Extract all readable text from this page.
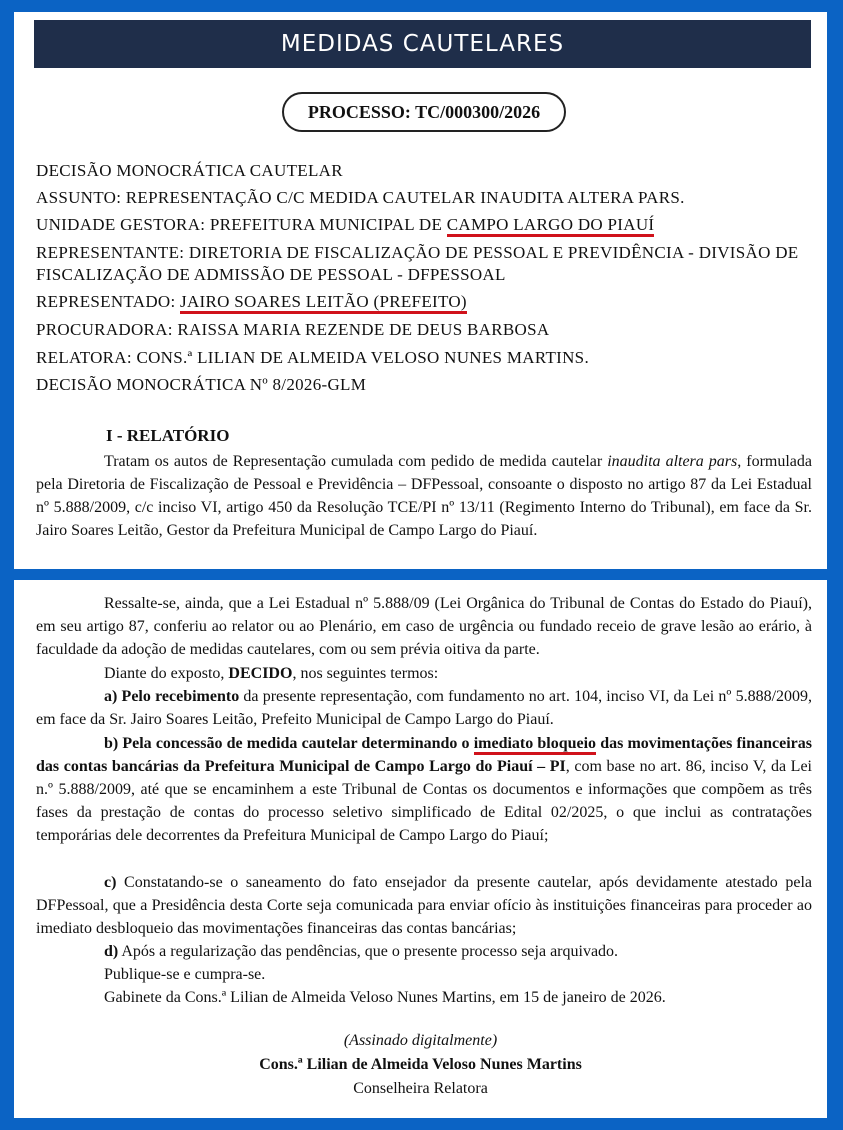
MEDIDAS CAUTELARES
PROCESSO: TC/000300/2026
DECISÃO MONOCRÁTICA CAUTELAR
ASSUNTO: REPRESENTAÇÃO C/C MEDIDA CAUTELAR INAUDITA ALTERA PARS.
UNIDADE GESTORA: PREFEITURA MUNICIPAL DE CAMPO LARGO DO PIAUÍ
REPRESENTANTE: DIRETORIA DE FISCALIZAÇÃO DE PESSOAL E PREVIDÊNCIA - DIVISÃO DE FISCALIZAÇÃO DE ADMISSÃO DE PESSOAL - DFPESSOAL
REPRESENTADO: JAIRO SOARES LEITÃO (PREFEITO)
PROCURADORA: RAISSA MARIA REZENDE DE DEUS BARBOSA
RELATORA: CONS.ª LILIAN DE ALMEIDA VELOSO NUNES MARTINS.
DECISÃO MONOCRÁTICA Nº 8/2026-GLM
I - RELATÓRIO
Tratam os autos de Representação cumulada com pedido de medida cautelar inaudita altera pars, formulada pela Diretoria de Fiscalização de Pessoal e Previdência – DFPessoal, consoante o disposto no artigo 87 da Lei Estadual nº 5.888/2009, c/c inciso VI, artigo 450 da Resolução TCE/PI nº 13/11 (Regimento Interno do Tribunal), em face da Sr. Jairo Soares Leitão, Gestor da Prefeitura Municipal de Campo Largo do Piauí.

Ressalte-se, ainda, que a Lei Estadual nº 5.888/09 (Lei Orgânica do Tribunal de Contas do Estado do Piauí), em seu artigo 87, conferiu ao relator ou ao Plenário, em caso de urgência ou fundado receio de grave lesão ao erário, à faculdade da adoção de medidas cautelares, com ou sem prévia oitiva da parte.

Diante do exposto, DECIDO, nos seguintes termos:

a) Pelo recebimento da presente representação, com fundamento no art. 104, inciso VI, da Lei nº 5.888/2009, em face da Sr. Jairo Soares Leitão, Prefeito Municipal de Campo Largo do Piauí.

b) Pela concessão de medida cautelar determinando o imediato bloqueio das movimentações financeiras das contas bancárias da Prefeitura Municipal de Campo Largo do Piauí – PI, com base no art. 86, inciso V, da Lei n.º 5.888/2009, até que se encaminhem a este Tribunal de Contas os documentos e informações que compõem as três fases da prestação de contas do processo seletivo simplificado de Edital 02/2025, o que inclui as contratações temporárias dele decorrentes da Prefeitura Municipal de Campo Largo do Piauí;

c) Constatando-se o saneamento do fato ensejador da presente cautelar, após devidamente atestado pela DFPessoal, que a Presidência desta Corte seja comunicada para enviar ofício às instituições financeiras para proceder ao imediato desbloqueio das movimentações financeiras das contas bancárias;

d) Após a regularização das pendências, que o presente processo seja arquivado.

Publique-se e cumpra-se.

Gabinete da Cons.ª Lilian de Almeida Veloso Nunes Martins, em 15 de janeiro de 2026.

(Assinado digitalmente)
Cons.ª Lilian de Almeida Veloso Nunes Martins
Conselheira Relatora
